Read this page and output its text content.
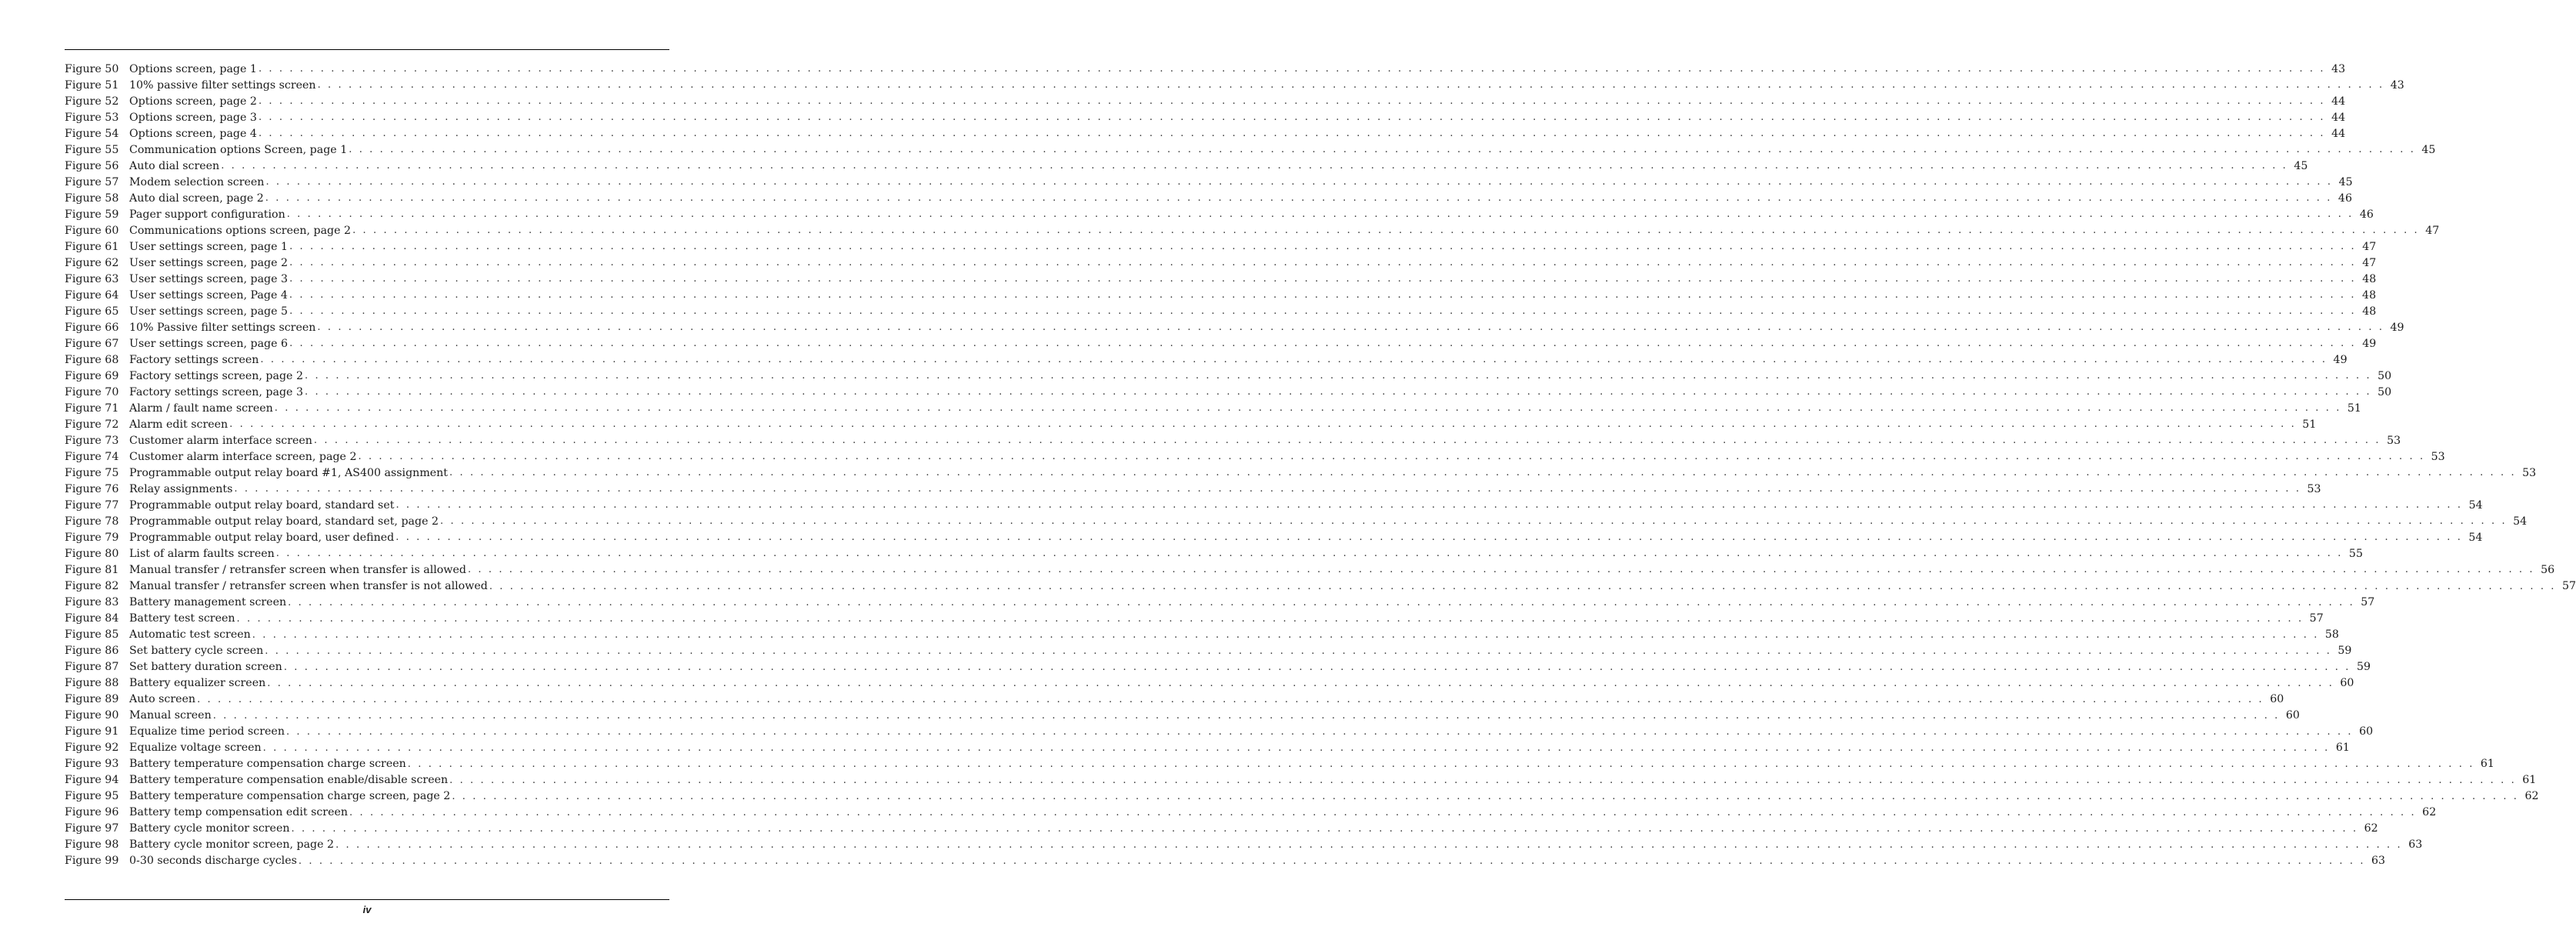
Figure 50 Options screen, page 1 . . . . . . . . . . . . . . . . . . . . . . . . . . . . . . . . . . . . . . . . . . . . . . . . . . . . . . . . . . . . . . . . . . . . . . . . . . . . . . . . . . . . . . . . . . . . . . . . . . . . . . . . . . . . . . . . . . . . . . . . . . . . . . . . . . . . . . . . . . . . . . . . . . . . . . . . . . . . . . . . . . . . . . . . . . . . . . . . . . . . . . . . . . . . . . . . . . . . . . . . 43
Figure 51 10% passive filter settings screen . . . . . . . . . . . . . . . . . . . . . . . . . . . . . . . . . . . . . . . . . . . . . . . . . . . . . . . . . . . . . . . . . . . . . . . . . . . . . . . . . . . . . . . . . . . . . . . . . . . . . . . . . . . . . . . . . . . . . . . . . . . . . . . . . . . . . . . . . . . . . . . . . . . . . . . . . . . . . . . . . . . . . . . . . . . . . . . . . . . . . . . . . . . . . . . . . . . . . . . . 43
Figure 52 Options screen, page 2 . . . . . . . . . . . . . . . . . . . . . . . . . . . . . . . . . . . . . . . . . . . . . . . . . . . . . . . . . . . . . . . . . . . . . . . . . . . . . . . . . . . . . . . . . . . . . . . . . . . . . . . . . . . . . . . . . . . . . . . . . . . . . . . . . . . . . . . . . . . . . . . . . . . . . . . . . . . . . . . . . . . . . . . . . . . . . . . . . . . . . . . . . . . . . . . . . . . . . . . . 44
Figure 53 Options screen, page 3 . . . . . . . . . . . . . . . . . . . . . . . . . . . . . . . . . . . . . . . . . . . . . . . . . . . . . . . . . . . . . . . . . . . . . . . . . . . . . . . . . . . . . . . . . . . . . . . . . . . . . . . . . . . . . . . . . . . . . . . . . . . . . . . . . . . . . . . . . . . . . . . . . . . . . . . . . . . . . . . . . . . . . . . . . . . . . . . . . . . . . . . . . . . . . . . . . . . . . . . . 44
Figure 54 Options screen, page 4 . . . . . . . . . . . . . . . . . . . . . . . . . . . . . . . . . . . . . . . . . . . . . . . . . . . . . . . . . . . . . . . . . . . . . . . . . . . . . . . . . . . . . . . . . . . . . . . . . . . . . . . . . . . . . . . . . . . . . . . . . . . . . . . . . . . . . . . . . . . . . . . . . . . . . . . . . . . . . . . . . . . . . . . . . . . . . . . . . . . . . . . . . . . . . . . . . . . . . . . . 44
Figure 55 Communication options Screen, page 1 . . . . . . . . . . . . . . . . . . . . . . . . . . . . . . . . . . . . . . . . . . . . . . . . . . . . . . . . . . . . . . . . . . . . . . . . . . . . . . . . . . . . . . . . . . . . . . . . . . . . . . . . . . . . . . . . . . . . . . . . . . . . . . . . . . . . . . . . . . . . . . . . . . . . . . . . . . . . . . . . . . . . . . . . . . . . . . . . . . . . . . . . . . . . . . . . . . . . . . . . 45
Figure 56 Auto dial screen . . . . . . . . . . . . . . . . . . . . . . . . . . . . . . . . . . . . . . . . . . . . . . . . . . . . . . . . . . . . . . . . . . . . . . . . . . . . . . . . . . . . . . . . . . . . . . . . . . . . . . . . . . . . . . . . . . . . . . . . . . . . . . . . . . . . . . . . . . . . . . . . . . . . . . . . . . . . . . . . . . . . . . . . . . . . . . . . . . . . . . . . . . . . . . . . . . . . . . . . 45
Figure 57 Modem selection screen . . . . . . . . . . . . . . . . . . . . . . . . . . . . . . . . . . . . . . . . . . . . . . . . . . . . . . . . . . . . . . . . . . . . . . . . . . . . . . . . . . . . . . . . . . . . . . . . . . . . . . . . . . . . . . . . . . . . . . . . . . . . . . . . . . . . . . . . . . . . . . . . . . . . . . . . . . . . . . . . . . . . . . . . . . . . . . . . . . . . . . . . . . . . . . . . . . . . . . . . 45
Figure 58 Auto dial screen, page 2 . . . . . . . . . . . . . . . . . . . . . . . . . . . . . . . . . . . . . . . . . . . . . . . . . . . . . . . . . . . . . . . . . . . . . . . . . . . . . . . . . . . . . . . . . . . . . . . . . . . . . . . . . . . . . . . . . . . . . . . . . . . . . . . . . . . . . . . . . . . . . . . . . . . . . . . . . . . . . . . . . . . . . . . . . . . . . . . . . . . . . . . . . . . . . . . . . . . . . . . . 46
Figure 59 Pager support configuration . . . . . . . . . . . . . . . . . . . . . . . . . . . . . . . . . . . . . . . . . . . . . . . . . . . . . . . . . . . . . . . . . . . . . . . . . . . . . . . . . . . . . . . . . . . . . . . . . . . . . . . . . . . . . . . . . . . . . . . . . . . . . . . . . . . . . . . . . . . . . . . . . . . . . . . . . . . . . . . . . . . . . . . . . . . . . . . . . . . . . . . . . . . . . . . . . . . . . . . . 46
Figure 60 Communications options screen, page 2 . . . . . . . . . . . . . . . . . . . . . . . . . . . . . . . . . . . . . . . . . . . . . . . . . . . . . . . . . . . . . . . . . . . . . . . . . . . . . . . . . . . . . . . . . . . . . . . . . . . . . . . . . . . . . . . . . . . . . . . . . . . . . . . . . . . . . . . . . . . . . . . . . . . . . . . . . . . . . . . . . . . . . . . . . . . . . . . . . . . . . . . . . . . . . . . . . . . . . . . . 47
Figure 61 User settings screen, page 1 . . . . . . . . . . . . . . . . . . . . . . . . . . . . . . . . . . . . . . . . . . . . . . . . . . . . . . . . . . . . . . . . . . . . . . . . . . . . . . . . . . . . . . . . . . . . . . . . . . . . . . . . . . . . . . . . . . . . . . . . . . . . . . . . . . . . . . . . . . . . . . . . . . . . . . . . . . . . . . . . . . . . . . . . . . . . . . . . . . . . . . . . . . . . . . . . . . . . . . . . 47
Figure 62 User settings screen, page 2 . . . . . . . . . . . . . . . . . . . . . . . . . . . . . . . . . . . . . . . . . . . . . . . . . . . . . . . . . . . . . . . . . . . . . . . . . . . . . . . . . . . . . . . . . . . . . . . . . . . . . . . . . . . . . . . . . . . . . . . . . . . . . . . . . . . . . . . . . . . . . . . . . . . . . . . . . . . . . . . . . . . . . . . . . . . . . . . . . . . . . . . . . . . . . . . . . . . . . . . . 47
Figure 63 User settings screen, page 3 . . . . . . . . . . . . . . . . . . . . . . . . . . . . . . . . . . . . . . . . . . . . . . . . . . . . . . . . . . . . . . . . . . . . . . . . . . . . . . . . . . . . . . . . . . . . . . . . . . . . . . . . . . . . . . . . . . . . . . . . . . . . . . . . . . . . . . . . . . . . . . . . . . . . . . . . . . . . . . . . . . . . . . . . . . . . . . . . . . . . . . . . . . . . . . . . . . . . . . . . 48
Figure 64 User settings screen, Page 4 . . . . . . . . . . . . . . . . . . . . . . . . . . . . . . . . . . . . . . . . . . . . . . . . . . . . . . . . . . . . . . . . . . . . . . . . . . . . . . . . . . . . . . . . . . . . . . . . . . . . . . . . . . . . . . . . . . . . . . . . . . . . . . . . . . . . . . . . . . . . . . . . . . . . . . . . . . . . . . . . . . . . . . . . . . . . . . . . . . . . . . . . . . . . . . . . . . . . . . . . 48
Figure 65 User settings screen, page 5 . . . . . . . . . . . . . . . . . . . . . . . . . . . . . . . . . . . . . . . . . . . . . . . . . . . . . . . . . . . . . . . . . . . . . . . . . . . . . . . . . . . . . . . . . . . . . . . . . . . . . . . . . . . . . . . . . . . . . . . . . . . . . . . . . . . . . . . . . . . . . . . . . . . . . . . . . . . . . . . . . . . . . . . . . . . . . . . . . . . . . . . . . . . . . . . . . . . . . . . . 48
Figure 66 10% Passive filter settings screen . . . . . . . . . . . . . . . . . . . . . . . . . . . . . . . . . . . . . . . . . . . . . . . . . . . . . . . . . . . . . . . . . . . . . . . . . . . . . . . . . . . . . . . . . . . . . . . . . . . . . . . . . . . . . . . . . . . . . . . . . . . . . . . . . . . . . . . . . . . . . . . . . . . . . . . . . . . . . . . . . . . . . . . . . . . . . . . . . . . . . . . . . . . . . . . . . . . . . . . . 49
Figure 67 User settings screen, page 6 . . . . . . . . . . . . . . . . . . . . . . . . . . . . . . . . . . . . . . . . . . . . . . . . . . . . . . . . . . . . . . . . . . . . . . . . . . . . . . . . . . . . . . . . . . . . . . . . . . . . . . . . . . . . . . . . . . . . . . . . . . . . . . . . . . . . . . . . . . . . . . . . . . . . . . . . . . . . . . . . . . . . . . . . . . . . . . . . . . . . . . . . . . . . . . . . . . . . . . . . 49
Figure 68 Factory settings screen . . . . . . . . . . . . . . . . . . . . . . . . . . . . . . . . . . . . . . . . . . . . . . . . . . . . . . . . . . . . . . . . . . . . . . . . . . . . . . . . . . . . . . . . . . . . . . . . . . . . . . . . . . . . . . . . . . . . . . . . . . . . . . . . . . . . . . . . . . . . . . . . . . . . . . . . . . . . . . . . . . . . . . . . . . . . . . . . . . . . . . . . . . . . . . . . . . . . . . . . 49
Figure 69 Factory settings screen, page 2 . . . . . . . . . . . . . . . . . . . . . . . . . . . . . . . . . . . . . . . . . . . . . . . . . . . . . . . . . . . . . . . . . . . . . . . . . . . . . . . . . . . . . . . . . . . . . . . . . . . . . . . . . . . . . . . . . . . . . . . . . . . . . . . . . . . . . . . . . . . . . . . . . . . . . . . . . . . . . . . . . . . . . . . . . . . . . . . . . . . . . . . . . . . . . . . . . . . . . . . . 50
Figure 70 Factory settings screen, page 3 . . . . . . . . . . . . . . . . . . . . . . . . . . . . . . . . . . . . . . . . . . . . . . . . . . . . . . . . . . . . . . . . . . . . . . . . . . . . . . . . . . . . . . . . . . . . . . . . . . . . . . . . . . . . . . . . . . . . . . . . . . . . . . . . . . . . . . . . . . . . . . . . . . . . . . . . . . . . . . . . . . . . . . . . . . . . . . . . . . . . . . . . . . . . . . . . . . . . . . . . 50
Figure 71 Alarm / fault name screen . . . . . . . . . . . . . . . . . . . . . . . . . . . . . . . . . . . . . . . . . . . . . . . . . . . . . . . . . . . . . . . . . . . . . . . . . . . . . . . . . . . . . . . . . . . . . . . . . . . . . . . . . . . . . . . . . . . . . . . . . . . . . . . . . . . . . . . . . . . . . . . . . . . . . . . . . . . . . . . . . . . . . . . . . . . . . . . . . . . . . . . . . . . . . . . . . . . . . . . . 51
Figure 72 Alarm edit screen . . . . . . . . . . . . . . . . . . . . . . . . . . . . . . . . . . . . . . . . . . . . . . . . . . . . . . . . . . . . . . . . . . . . . . . . . . . . . . . . . . . . . . . . . . . . . . . . . . . . . . . . . . . . . . . . . . . . . . . . . . . . . . . . . . . . . . . . . . . . . . . . . . . . . . . . . . . . . . . . . . . . . . . . . . . . . . . . . . . . . . . . . . . . . . . . . . . . . . . . 51
Figure 73 Customer alarm interface screen . . . . . . . . . . . . . . . . . . . . . . . . . . . . . . . . . . . . . . . . . . . . . . . . . . . . . . . . . . . . . . . . . . . . . . . . . . . . . . . . . . . . . . . . . . . . . . . . . . . . . . . . . . . . . . . . . . . . . . . . . . . . . . . . . . . . . . . . . . . . . . . . . . . . . . . . . . . . . . . . . . . . . . . . . . . . . . . . . . . . . . . . . . . . . . . . . . . . . . . . 53
Figure 74 Customer alarm interface screen, page 2 . . . . . . . . . . . . . . . . . . . . . . . . . . . . . . . . . . . . . . . . . . . . . . . . . . . . . . . . . . . . . . . . . . . . . . . . . . . . . . . . . . . . . . . . . . . . . . . . . . . . . . . . . . . . . . . . . . . . . . . . . . . . . . . . . . . . . . . . . . . . . . . . . . . . . . . . . . . . . . . . . . . . . . . . . . . . . . . . . . . . . . . . . . . . . . . . . . . . . . . . 53
Figure 75 Programmable output relay board #1, AS400 assignment . . . . . . . . . . . . . . . . . . . . . . . . . . . . . . . . . . . . . . . . . . . . . . . . . . . . . . . . . . . . . . . . . . . . . . . . . . . . . . . . . . . . . . . . . . . . . . . . . . . . . . . . . . . . . . . . . . . . . . . . . . . . . . . . . . . . . . . . . . . . . . . . . . . . . . . . . . . . . . . . . . . . . . . . . . . . . . . . . . . . . . . . . . . . . . . . . . . . . . . . 53
Figure 76 Relay assignments . . . . . . . . . . . . . . . . . . . . . . . . . . . . . . . . . . . . . . . . . . . . . . . . . . . . . . . . . . . . . . . . . . . . . . . . . . . . . . . . . . . . . . . . . . . . . . . . . . . . . . . . . . . . . . . . . . . . . . . . . . . . . . . . . . . . . . . . . . . . . . . . . . . . . . . . . . . . . . . . . . . . . . . . . . . . . . . . . . . . . . . . . . . . . . . . . . . . . . . . 53
Figure 77 Programmable output relay board, standard set . . . . . . . . . . . . . . . . . . . . . . . . . . . . . . . . . . . . . . . . . . . . . . . . . . . . . . . . . . . . . . . . . . . . . . . . . . . . . . . . . . . . . . . . . . . . . . . . . . . . . . . . . . . . . . . . . . . . . . . . . . . . . . . . . . . . . . . . . . . . . . . . . . . . . . . . . . . . . . . . . . . . . . . . . . . . . . . . . . . . . . . . . . . . . . . . . . . . . . . . 54
Figure 78 Programmable output relay board, standard set, page 2 . . . . . . . . . . . . . . . . . . . . . . . . . . . . . . . . . . . . . . . . . . . . . . . . . . . . . . . . . . . . . . . . . . . . . . . . . . . . . . . . . . . . . . . . . . . . . . . . . . . . . . . . . . . . . . . . . . . . . . . . . . . . . . . . . . . . . . . . . . . . . . . . . . . . . . . . . . . . . . . . . . . . . . . . . . . . . . . . . . . . . . . . . . . . . . . . . . . . . . . . 54
Figure 79 Programmable output relay board, user defined . . . . . . . . . . . . . . . . . . . . . . . . . . . . . . . . . . . . . . . . . . . . . . . . . . . . . . . . . . . . . . . . . . . . . . . . . . . . . . . . . . . . . . . . . . . . . . . . . . . . . . . . . . . . . . . . . . . . . . . . . . . . . . . . . . . . . . . . . . . . . . . . . . . . . . . . . . . . . . . . . . . . . . . . . . . . . . . . . . . . . . . . . . . . . . . . . . . . . . . . 54
Figure 80 List of alarm faults screen . . . . . . . . . . . . . . . . . . . . . . . . . . . . . . . . . . . . . . . . . . . . . . . . . . . . . . . . . . . . . . . . . . . . . . . . . . . . . . . . . . . . . . . . . . . . . . . . . . . . . . . . . . . . . . . . . . . . . . . . . . . . . . . . . . . . . . . . . . . . . . . . . . . . . . . . . . . . . . . . . . . . . . . . . . . . . . . . . . . . . . . . . . . . . . . . . . . . . . . . 55
Figure 81 Manual transfer / retransfer screen when transfer is allowed . . . . . . . . . . . . . . . . . . . . . . . . . . . . . . . . . . . . . . . . . . . . . . . . . . . . . . . . . . . . . . . . . . . . . . . . . . . . . . . . . . . . . . . . . . . . . . . . . . . . . . . . . . . . . . . . . . . . . . . . . . . . . . . . . . . . . . . . . . . . . . . . . . . . . . . . . . . . . . . . . . . . . . . . . . . . . . . . . . . . . . . . . . . . . . . . . . . . . . . . 56
Figure 82 Manual transfer / retransfer screen when transfer is not allowed . . . . . . . . . . . . . . . . . . . . . . . . . . . . . . . . . . . . . . . . . . . . . . . . . . . . . . . . . . . . . . . . . . . . . . . . . . . . . . . . . . . . . . . . . . . . . . . . . . . . . . . . . . . . . . . . . . . . . . . . . . . . . . . . . . . . . . . . . . . . . . . . . . . . . . . . . . . . . . . . . . . . . . . . . . . . . . . . . . . . . . . . . . . . . . . . . . . . . . . . 57
Figure 83 Battery management screen . . . . . . . . . . . . . . . . . . . . . . . . . . . . . . . . . . . . . . . . . . . . . . . . . . . . . . . . . . . . . . . . . . . . . . . . . . . . . . . . . . . . . . . . . . . . . . . . . . . . . . . . . . . . . . . . . . . . . . . . . . . . . . . . . . . . . . . . . . . . . . . . . . . . . . . . . . . . . . . . . . . . . . . . . . . . . . . . . . . . . . . . . . . . . . . . . . . . . . . . 57
Figure 84 Battery test screen . . . . . . . . . . . . . . . . . . . . . . . . . . . . . . . . . . . . . . . . . . . . . . . . . . . . . . . . . . . . . . . . . . . . . . . . . . . . . . . . . . . . . . . . . . . . . . . . . . . . . . . . . . . . . . . . . . . . . . . . . . . . . . . . . . . . . . . . . . . . . . . . . . . . . . . . . . . . . . . . . . . . . . . . . . . . . . . . . . . . . . . . . . . . . . . . . . . . . . . . 57
Figure 85 Automatic test screen . . . . . . . . . . . . . . . . . . . . . . . . . . . . . . . . . . . . . . . . . . . . . . . . . . . . . . . . . . . . . . . . . . . . . . . . . . . . . . . . . . . . . . . . . . . . . . . . . . . . . . . . . . . . . . . . . . . . . . . . . . . . . . . . . . . . . . . . . . . . . . . . . . . . . . . . . . . . . . . . . . . . . . . . . . . . . . . . . . . . . . . . . . . . . . . . . . . . . . . . 58
Figure 86 Set battery cycle screen . . . . . . . . . . . . . . . . . . . . . . . . . . . . . . . . . . . . . . . . . . . . . . . . . . . . . . . . . . . . . . . . . . . . . . . . . . . . . . . . . . . . . . . . . . . . . . . . . . . . . . . . . . . . . . . . . . . . . . . . . . . . . . . . . . . . . . . . . . . . . . . . . . . . . . . . . . . . . . . . . . . . . . . . . . . . . . . . . . . . . . . . . . . . . . . . . . . . . . . . 59
Figure 87 Set battery duration screen . . . . . . . . . . . . . . . . . . . . . . . . . . . . . . . . . . . . . . . . . . . . . . . . . . . . . . . . . . . . . . . . . . . . . . . . . . . . . . . . . . . . . . . . . . . . . . . . . . . . . . . . . . . . . . . . . . . . . . . . . . . . . . . . . . . . . . . . . . . . . . . . . . . . . . . . . . . . . . . . . . . . . . . . . . . . . . . . . . . . . . . . . . . . . . . . . . . . . . . . 59
Figure 88 Battery equalizer screen . . . . . . . . . . . . . . . . . . . . . . . . . . . . . . . . . . . . . . . . . . . . . . . . . . . . . . . . . . . . . . . . . . . . . . . . . . . . . . . . . . . . . . . . . . . . . . . . . . . . . . . . . . . . . . . . . . . . . . . . . . . . . . . . . . . . . . . . . . . . . . . . . . . . . . . . . . . . . . . . . . . . . . . . . . . . . . . . . . . . . . . . . . . . . . . . . . . . . . . . 60
Figure 89 Auto screen . . . . . . . . . . . . . . . . . . . . . . . . . . . . . . . . . . . . . . . . . . . . . . . . . . . . . . . . . . . . . . . . . . . . . . . . . . . . . . . . . . . . . . . . . . . . . . . . . . . . . . . . . . . . . . . . . . . . . . . . . . . . . . . . . . . . . . . . . . . . . . . . . . . . . . . . . . . . . . . . . . . . . . . . . . . . . . . . . . . . . . . . . . . . . . . . . . . . . . . . 60
Figure 90 Manual screen . . . . . . . . . . . . . . . . . . . . . . . . . . . . . . . . . . . . . . . . . . . . . . . . . . . . . . . . . . . . . . . . . . . . . . . . . . . . . . . . . . . . . . . . . . . . . . . . . . . . . . . . . . . . . . . . . . . . . . . . . . . . . . . . . . . . . . . . . . . . . . . . . . . . . . . . . . . . . . . . . . . . . . . . . . . . . . . . . . . . . . . . . . . . . . . . . . . . . . . . 60
Figure 91 Equalize time period screen . . . . . . . . . . . . . . . . . . . . . . . . . . . . . . . . . . . . . . . . . . . . . . . . . . . . . . . . . . . . . . . . . . . . . . . . . . . . . . . . . . . . . . . . . . . . . . . . . . . . . . . . . . . . . . . . . . . . . . . . . . . . . . . . . . . . . . . . . . . . . . . . . . . . . . . . . . . . . . . . . . . . . . . . . . . . . . . . . . . . . . . . . . . . . . . . . . . . . . . . 60
Figure 92 Equalize voltage screen . . . . . . . . . . . . . . . . . . . . . . . . . . . . . . . . . . . . . . . . . . . . . . . . . . . . . . . . . . . . . . . . . . . . . . . . . . . . . . . . . . . . . . . . . . . . . . . . . . . . . . . . . . . . . . . . . . . . . . . . . . . . . . . . . . . . . . . . . . . . . . . . . . . . . . . . . . . . . . . . . . . . . . . . . . . . . . . . . . . . . . . . . . . . . . . . . . . . . . . . 61
Figure 93 Battery temperature compensation charge screen . . . . . . . . . . . . . . . . . . . . . . . . . . . . . . . . . . . . . . . . . . . . . . . . . . . . . . . . . . . . . . . . . . . . . . . . . . . . . . . . . . . . . . . . . . . . . . . . . . . . . . . . . . . . . . . . . . . . . . . . . . . . . . . . . . . . . . . . . . . . . . . . . . . . . . . . . . . . . . . . . . . . . . . . . . . . . . . . . . . . . . . . . . . . . . . . . . . . . . . . 61
Figure 94 Battery temperature compensation enable/disable screen . . . . . . . . . . . . . . . . . . . . . . . . . . . . . . . . . . . . . . . . . . . . . . . . . . . . . . . . . . . . . . . . . . . . . . . . . . . . . . . . . . . . . . . . . . . . . . . . . . . . . . . . . . . . . . . . . . . . . . . . . . . . . . . . . . . . . . . . . . . . . . . . . . . . . . . . . . . . . . . . . . . . . . . . . . . . . . . . . . . . . . . . . . . . . . . . . . . . . . . . 61
Figure 95 Battery temperature compensation charge screen, page 2 . . . . . . . . . . . . . . . . . . . . . . . . . . . . . . . . . . . . . . . . . . . . . . . . . . . . . . . . . . . . . . . . . . . . . . . . . . . . . . . . . . . . . . . . . . . . . . . . . . . . . . . . . . . . . . . . . . . . . . . . . . . . . . . . . . . . . . . . . . . . . . . . . . . . . . . . . . . . . . . . . . . . . . . . . . . . . . . . . . . . . . . . . . . . . . . . . . . . . . . . 62
Figure 96 Battery temp compensation edit screen . . . . . . . . . . . . . . . . . . . . . . . . . . . . . . . . . . . . . . . . . . . . . . . . . . . . . . . . . . . . . . . . . . . . . . . . . . . . . . . . . . . . . . . . . . . . . . . . . . . . . . . . . . . . . . . . . . . . . . . . . . . . . . . . . . . . . . . . . . . . . . . . . . . . . . . . . . . . . . . . . . . . . . . . . . . . . . . . . . . . . . . . . . . . . . . . . . . . . . . . 62
Figure 97 Battery cycle monitor screen . . . . . . . . . . . . . . . . . . . . . . . . . . . . . . . . . . . . . . . . . . . . . . . . . . . . . . . . . . . . . . . . . . . . . . . . . . . . . . . . . . . . . . . . . . . . . . . . . . . . . . . . . . . . . . . . . . . . . . . . . . . . . . . . . . . . . . . . . . . . . . . . . . . . . . . . . . . . . . . . . . . . . . . . . . . . . . . . . . . . . . . . . . . . . . . . . . . . . . . . 62
Figure 98 Battery cycle monitor screen, page 2 . . . . . . . . . . . . . . . . . . . . . . . . . . . . . . . . . . . . . . . . . . . . . . . . . . . . . . . . . . . . . . . . . . . . . . . . . . . . . . . . . . . . . . . . . . . . . . . . . . . . . . . . . . . . . . . . . . . . . . . . . . . . . . . . . . . . . . . . . . . . . . . . . . . . . . . . . . . . . . . . . . . . . . . . . . . . . . . . . . . . . . . . . . . . . . . . . . . . . . . . 63
Figure 99 0-30 seconds discharge cycles . . . . . . . . . . . . . . . . . . . . . . . . . . . . . . . . . . . . . . . . . . . . . . . . . . . . . . . . . . . . . . . . . . . . . . . . . . . . . . . . . . . . . . . . . . . . . . . . . . . . . . . . . . . . . . . . . . . . . . . . . . . . . . . . . . . . . . . . . . . . . . . . . . . . . . . . . . . . . . . . . . . . . . . . . . . . . . . . . . . . . . . . . . . . . . . . . . . . . . . . 63
iv
